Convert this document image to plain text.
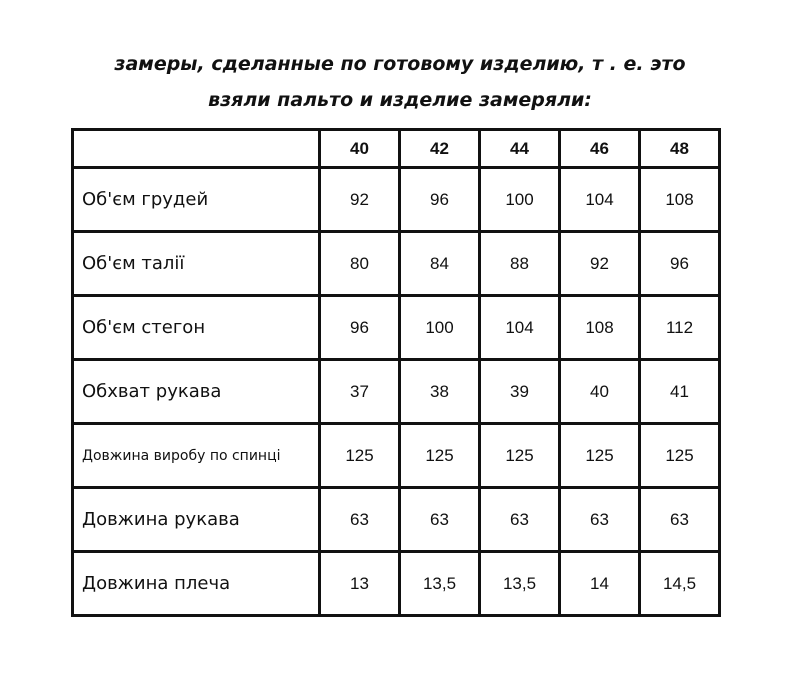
замеры, сделанные по готовому изделию, т . е. это
взяли пальто и изделие замеряли:
	40	42	44	46	48
Об'єм грудей	92	96	100	104	108
Об'єм талії	80	84	88	92	96
Об'єм стегон	96	100	104	108	112
Обхват рукава	37	38	39	40	41
Довжина виробу по спинці	125	125	125	125	125
Довжина рукава	63	63	63	63	63
Довжина плеча	13	13,5	13,5	14	14,5
